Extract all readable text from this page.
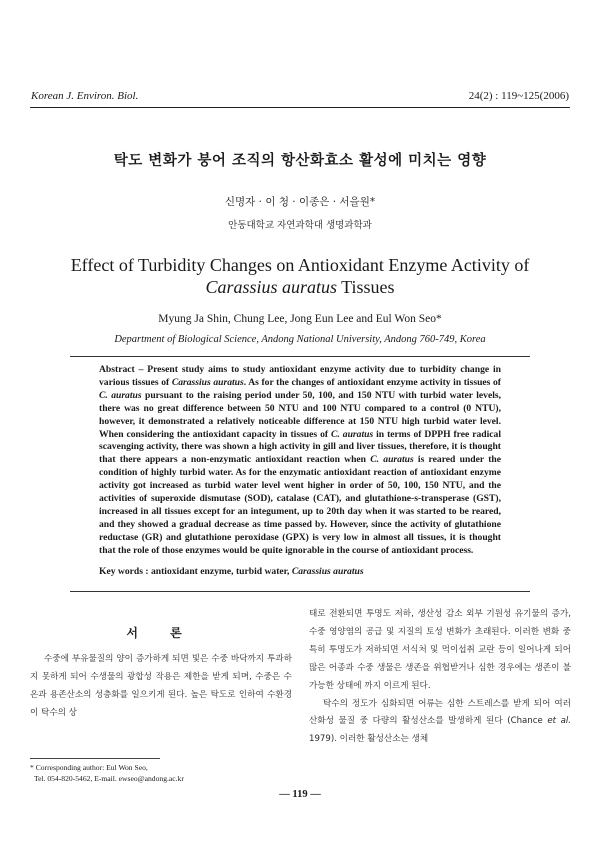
Korean J. Environ. Biol.	24(2) : 119~125(2006)
탁도 변화가 붕어 조직의 항산화효소 활성에 미치는 영향
신명자 · 이 청 · 이종은 · 서을원*
안동대학교 자연과학대 생명과학과
Effect of Turbidity Changes on Antioxidant Enzyme Activity of
Carassius auratus Tissues
Myung Ja Shin, Chung Lee, Jong Eun Lee and Eul Won Seo*
Department of Biological Science, Andong National University, Andong 760-749, Korea

Abstract – Present study aims to study antioxidant enzyme activity due to turbidity change in various tissues of Carassius auratus. As for the changes of antioxidant enzyme activity in tissues of C. auratus pursuant to the raising period under 50, 100, and 150 NTU with turbid water levels, there was no great difference between 50 NTU and 100 NTU compared to a control (0 NTU), however, it demonstrated a relatively noticeable difference at 150 NTU high turbid water level. When considering the antioxidant capacity in tissues of C. auratus in terms of DPPH free radical scavenging activity, there was shown a high activity in gill and liver tissues, therefore, it is thought that there appears a non-enzymatic antioxidant reaction when C. auratus is reared under the condition of highly turbid water. As for the enzymatic antioxidant reaction of antioxidant enzyme activity got increased as turbid water level went higher in order of 50, 100, 150 NTU, and the activities of superoxide dismutase (SOD), catalase (CAT), and glutathione-s-transperase (GST), increased in all tissues except for an integument, up to 20th day when it was started to be reared, and they showed a gradual decrease as time passed by. However, since the activity of glutathione reductase (GR) and glutathione peroxidase (GPX) is very low in almost all tissues, it is thought that the role of those enzymes would be quite ignorable in the course of antioxidant process.

Key words : antioxidant enzyme, turbid water, Carassius auratus
서 론

수중에 부유물질의 양이 증가하게 되면 빛은 수중 바닥까지 투과하지 못하게 되어 수생물의 광합성 작용은 제한을 받게 되며, 수중은 수온과 용존산소의 성층화를 일으키게 된다. 높은 탁도로 인하여 수환경이 탁수의 상

태로 전환되면 투명도 저하, 생산성 감소 외부 기원성 유기물의 증가, 수중 영양염의 공급 및 지질의 토성 변화가 초래된다. 이러한 변화 중 특히 투명도가 저하되면 서식처 및 먹이섭취 교란 등이 일어나게 되어 많은 어종과 수중 생물은 생존을 위협받거나 심한 경우에는 생존이 불가능한 상태에 까지 이르게 된다.

탁수의 정도가 심화되면 어류는 심한 스트레스를 받게 되어 여러 산화성 물질 중 다량의 활성산소를 발생하게 된다 (Chance et al. 1979). 이러한 활성산소는 생체

* Corresponding author: Eul Won Seo,
Tel. 054-820-5462, E-mail. ewseo@andong.ac.kr
— 119 —
